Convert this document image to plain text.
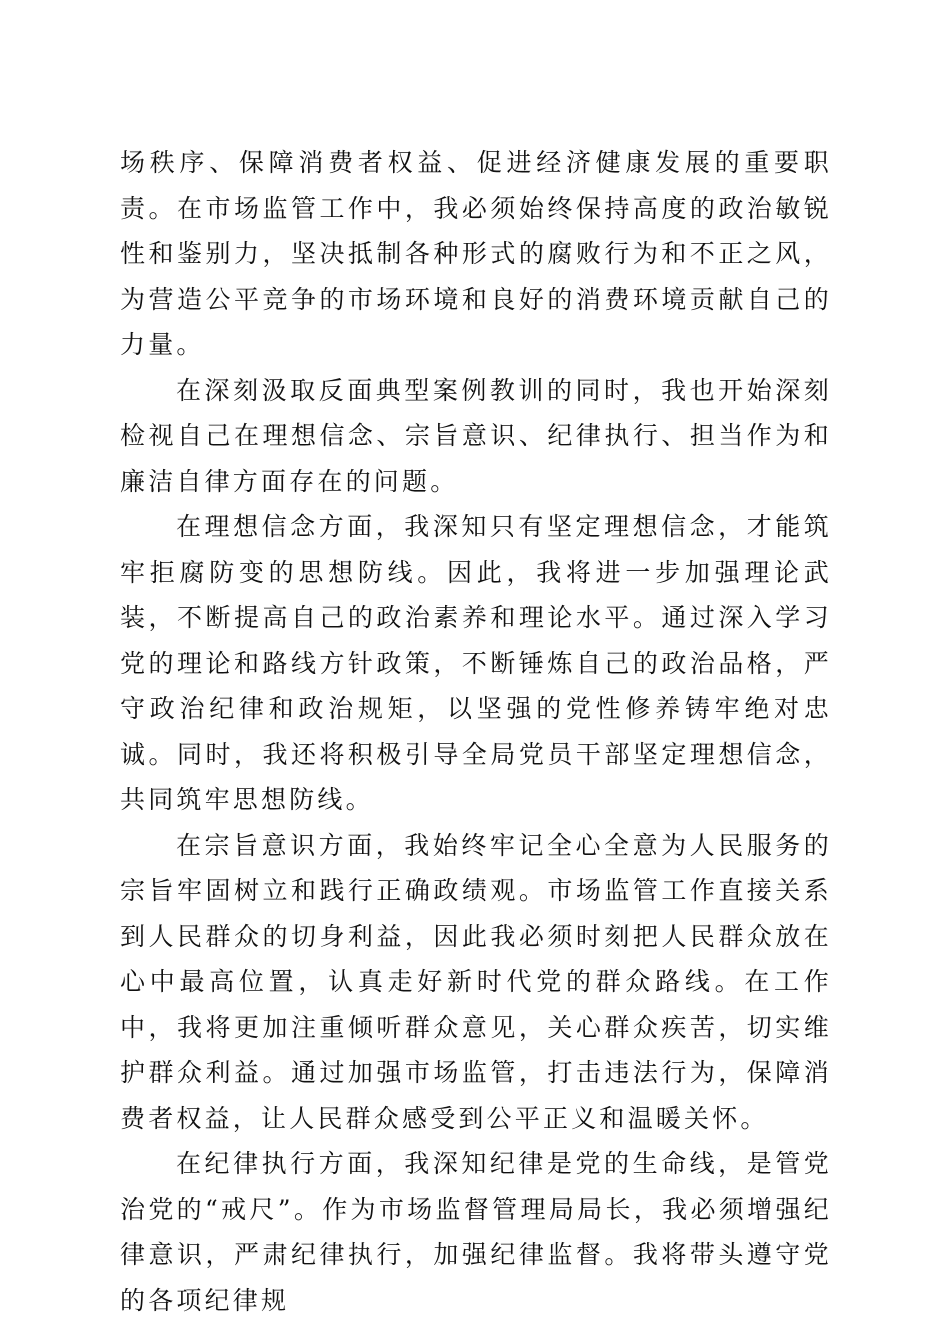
场秩序、保障消费者权益、促进经济健康发展的重要职责。在市场监管工作中，我必须始终保持高度的政治敏锐性和鉴别力，坚决抵制各种形式的腐败行为和不正之风，为营造公平竞争的市场环境和良好的消费环境贡献自己的力量。

在深刻汲取反面典型案例教训的同时，我也开始深刻检视自己在理想信念、宗旨意识、纪律执行、担当作为和廉洁自律方面存在的问题。

在理想信念方面，我深知只有坚定理想信念，才能筑牢拒腐防变的思想防线。因此，我将进一步加强理论武装，不断提高自己的政治素养和理论水平。通过深入学习党的理论和路线方针政策，不断锤炼自己的政治品格，严守政治纪律和政治规矩，以坚强的党性修养铸牢绝对忠诚。同时，我还将积极引导全局党员干部坚定理想信念，共同筑牢思想防线。

在宗旨意识方面，我始终牢记全心全意为人民服务的宗旨牢固树立和践行正确政绩观。市场监管工作直接关系到人民群众的切身利益，因此我必须时刻把人民群众放在心中最高位置，认真走好新时代党的群众路线。在工作中，我将更加注重倾听群众意见，关心群众疾苦，切实维护群众利益。通过加强市场监管，打击违法行为，保障消费者权益，让人民群众感受到公平正义和温暖关怀。

在纪律执行方面，我深知纪律是党的生命线，是管党治党的“戒尺”。作为市场监督管理局局长，我必须增强纪律意识，严肃纪律执行，加强纪律监督。我将带头遵守党的各项纪律规
